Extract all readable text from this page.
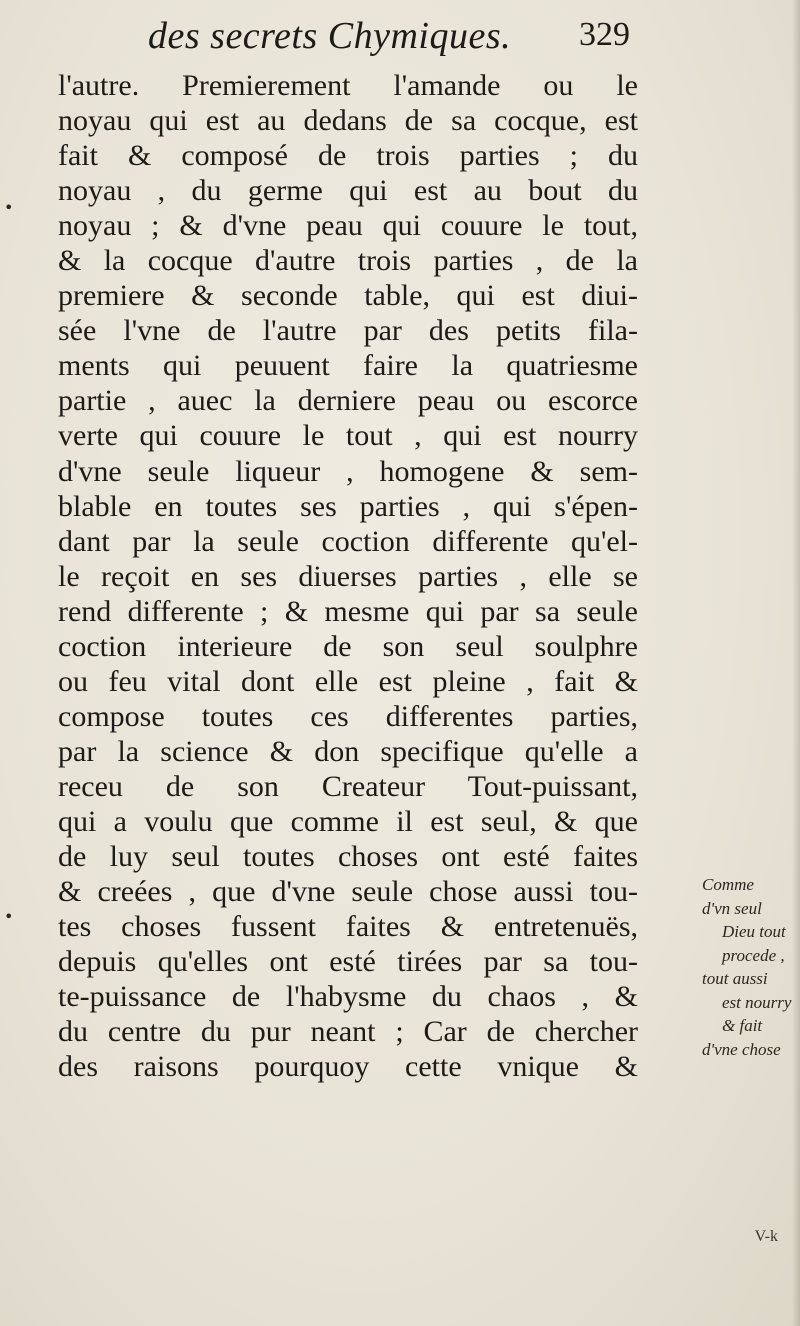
des secrets Chymiques. 329
•
•
l'autre. Premierement l'amande ou le
noyau qui est au dedans de sa cocque, est
fait & composé de trois parties ; du
noyau , du germe qui est au bout du
noyau ; & d'vne peau qui couure le tout,
& la cocque d'autre trois parties , de la
premiere & seconde table, qui est diui-
sée l'vne de l'autre par des petits fila-
ments qui peuuent faire la quatriesme
partie , auec la derniere peau ou escorce
verte qui couure le tout , qui est nourry
d'vne seule liqueur , homogene & sem-
blable en toutes ses parties , qui s'épen-
dant par la seule coction differente qu'el-
le reçoit en ses diuerses parties , elle se
rend differente ; & mesme qui par sa seule
coction interieure de son seul soulphre
ou feu vital dont elle est pleine , fait &
compose toutes ces differentes parties,
par la science & don specifique qu'elle a
receu de son Createur Tout-puissant,
qui a voulu que comme il est seul, & que
de luy seul toutes choses ont esté faites
& creées , que d'vne seule chose aussi tou-
tes choses fussent faites & entretenuës,
depuis qu'elles ont esté tirées par sa tou-
te-puissance de l'habysme du chaos , &
du centre du pur neant ; Car de chercher
des raisons pourquoy cette vnique &
Comme
d'vn seul
Dieu tout
procede ,
tout aussi
est nourry
& fait
d'vne chose
V-k
